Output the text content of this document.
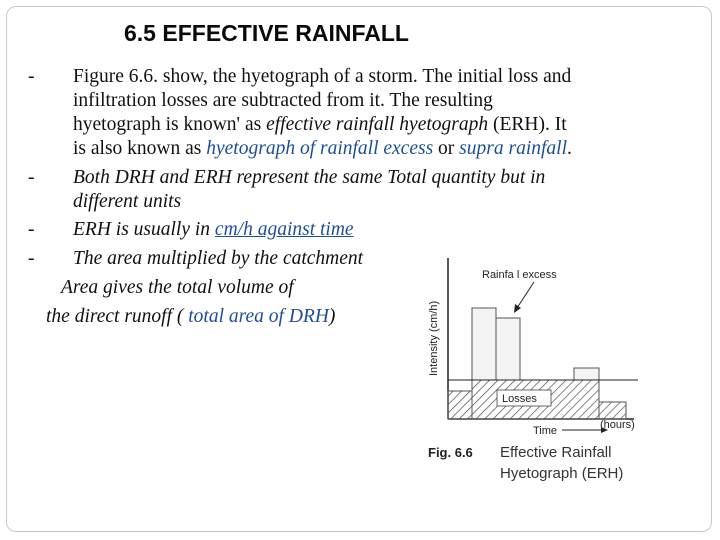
6.5 EFFECTIVE RAINFALL
- Figure 6.6. show, the hyetograph of a storm. The initial loss and
infiltration losses are subtracted from it. The resulting
hyetograph is known' as effective rainfall hyetograph (ERH). It
is also known as hyetograph of rainfall excess or supra rainfall.
- Both DRH and ERH represent the same Total quantity but in
different units
- ERH is usually in cm/h against time
- The area multiplied by the catchment
Area gives the total volume of
the direct runoff ( total area of DRH)	Intensity (cm/h)
Losses
Rainfa l excess
Time	(hours)
Fig. 6.6 Effective Rainfall
Hyetograph (ERH)
